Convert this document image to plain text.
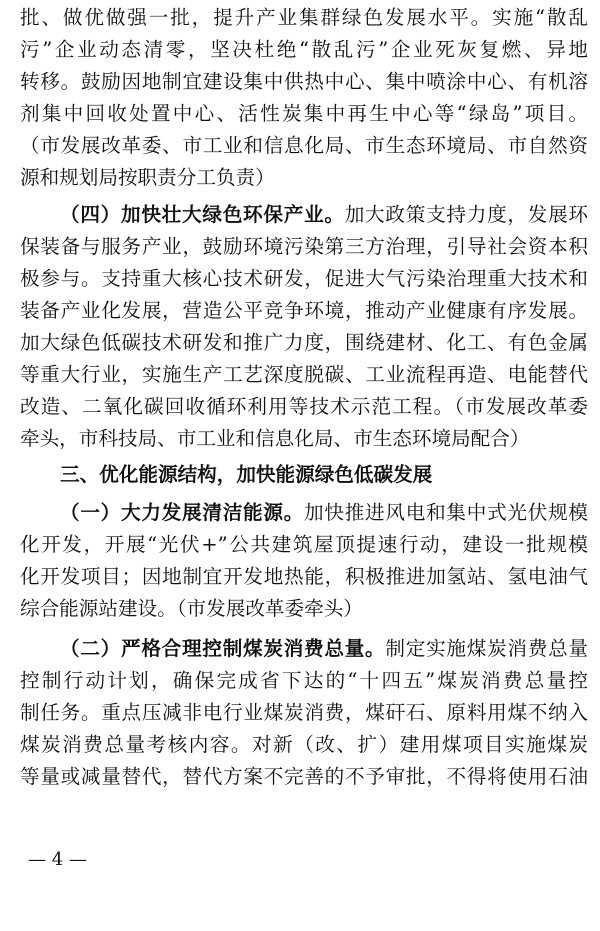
批、做优做强一批，提升产业集群绿色发展水平。实施“散乱
污”企业动态清零，坚决杜绝“散乱污”企业死灰复燃、异地
转移。鼓励因地制宜建设集中供热中心、集中喷涂中心、有机溶
剂集中回收处置中心、活性炭集中再生中心等“绿岛”项目。
（市发展改革委、市工业和信息化局、市生态环境局、市自然资
源和规划局按职责分工负责）
（四）加快壮大绿色环保产业。加大政策支持力度，发展环
保装备与服务产业，鼓励环境污染第三方治理，引导社会资本积
极参与。支持重大核心技术研发，促进大气污染治理重大技术和
装备产业化发展，营造公平竞争环境，推动产业健康有序发展。
加大绿色低碳技术研发和推广力度，围绕建材、化工、有色金属
等重大行业，实施生产工艺深度脱碳、工业流程再造、电能替代
改造、二氧化碳回收循环利用等技术示范工程。（市发展改革委
牵头，市科技局、市工业和信息化局、市生态环境局配合）
三、优化能源结构，加快能源绿色低碳发展
（一）大力发展清洁能源。加快推进风电和集中式光伏规模
化开发，开展“光伏+”公共建筑屋顶提速行动，建设一批规模
化开发项目；因地制宜开发地热能，积极推进加氢站、氢电油气
综合能源站建设。（市发展改革委牵头）
（二）严格合理控制煤炭消费总量。制定实施煤炭消费总量
控制行动计划，确保完成省下达的“十四五”煤炭消费总量控
制任务。重点压减非电行业煤炭消费，煤矸石、原料用煤不纳入
煤炭消费总量考核内容。对新（改、扩）建用煤项目实施煤炭
等量或减量替代，替代方案不完善的不予审批，不得将使用石油
— 4 —
